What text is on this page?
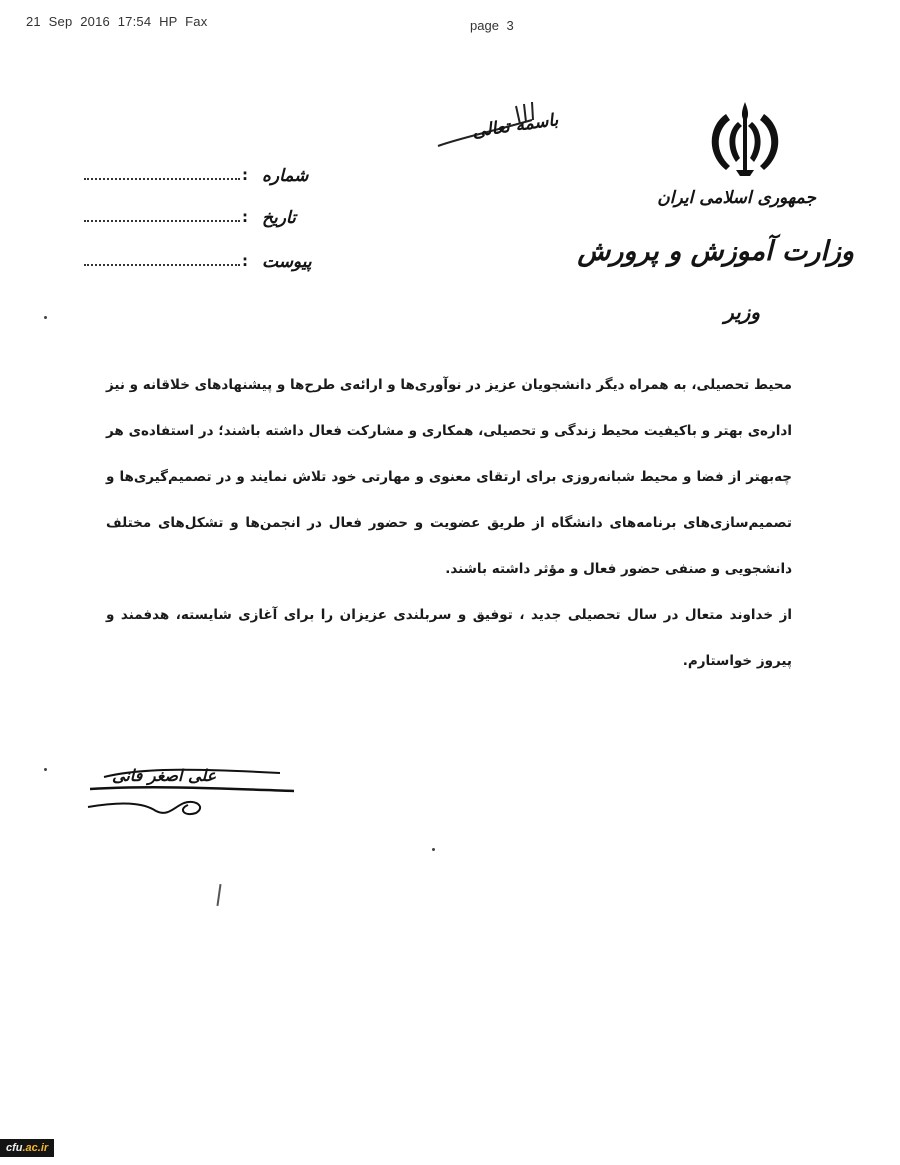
21 Sep 2016 17:54 HP Fax	page 3
باسمه تعالی
جمهوری اسلامی ایران
وزارت آموزش و پرورش
وزیر
: شماره
: تاریخ
: پیوست

محیط تحصیلی، به همراه دیگر دانشجویان عزیز در نوآوری‌ها و ارائه‌ی طرح‌ها و پیشنهادهای خلاقانه و نیز اداره‌ی بهتر و باکیفیت محیط زندگی و تحصیلی، همکاری و مشارکت فعال داشته باشند؛ در استفاده‌ی هر چه‌بهتر از فضا و محیط شبانه‌روزی برای ارتقای معنوی و مهارتی خود تلاش نمایند و در تصمیم‌گیری‌ها و تصمیم‌سازی‌های برنامه‌های دانشگاه از طریق عضویت و حضور فعال در انجمن‌ها و تشکل‌های مختلف دانشجویی و صنفی حضور فعال و مؤثر داشته باشند.

از خداوند متعال در سال تحصیلی جدید ، توفیق و سربلندی عزیزان را برای آغازی شایسته، هدفمند و پیروز خواستارم.

علی اصغر فانی
cfu.ac.ir
